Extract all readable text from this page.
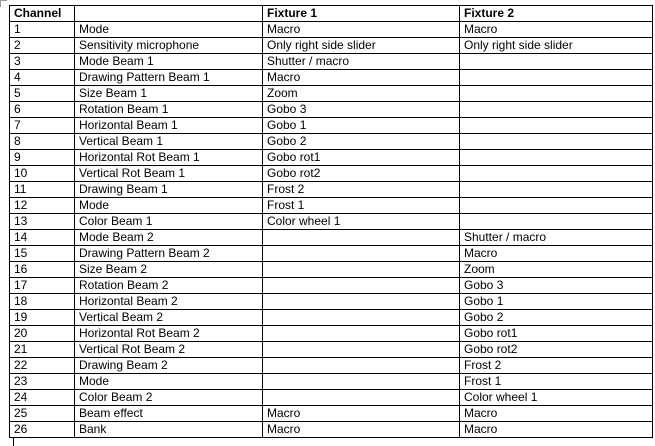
Channel		Fixture 1	Fixture 2
1	Mode	Macro	Macro
2	Sensitivity microphone	Only right side slider	Only right side slider
3	Mode Beam 1	Shutter / macro	
4	Drawing Pattern Beam 1	Macro	
5	Size Beam 1	Zoom	
6	Rotation Beam 1	Gobo 3	
7	Horizontal Beam 1	Gobo 1	
8	Vertical Beam 1	Gobo 2	
9	Horizontal Rot Beam 1	Gobo rot1	
10	Vertical Rot Beam 1	Gobo rot2	
11	Drawing Beam 1	Frost 2	
12	Mode	Frost 1	
13	Color Beam 1	Color wheel 1	
14	Mode Beam 2		Shutter / macro
15	Drawing Pattern Beam 2		Macro
16	Size Beam 2		Zoom
17	Rotation Beam 2		Gobo 3
18	Horizontal Beam 2		Gobo 1
19	Vertical Beam 2		Gobo 2
20	Horizontal Rot Beam 2		Gobo rot1
21	Vertical Rot Beam 2		Gobo rot2
22	Drawing Beam 2		Frost 2
23	Mode		Frost 1
24	Color Beam 2		Color wheel 1
25	Beam effect	Macro	Macro
26	Bank	Macro	Macro
